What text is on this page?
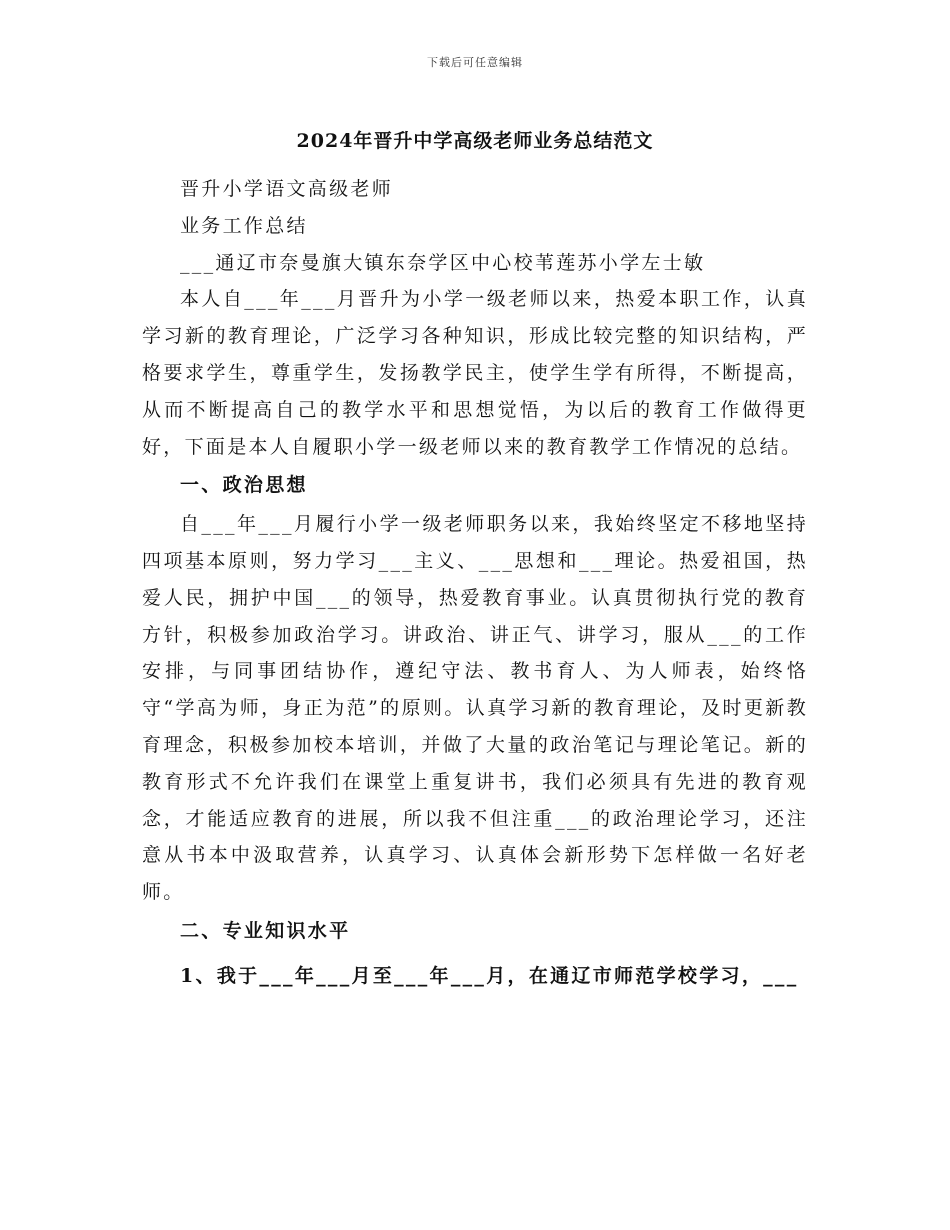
下载后可任意编辑
2024年晋升中学高级老师业务总结范文

晋升小学语文高级老师

业务工作总结

___通辽市奈曼旗大镇东奈学区中心校苇莲苏小学左士敏

本人自___年___月晋升为小学一级老师以来，热爱本职工作，认真学习新的教育理论，广泛学习各种知识，形成比较完整的知识结构，严格要求学生，尊重学生，发扬教学民主，使学生学有所得，不断提高，从而不断提高自己的教学水平和思想觉悟，为以后的教育工作做得更好，下面是本人自履职小学一级老师以来的教育教学工作情况的总结。

一、政治思想

自___年___月履行小学一级老师职务以来，我始终坚定不移地坚持四项基本原则，努力学习___主义、___思想和___理论。热爱祖国，热爱人民，拥护中国___的领导，热爱教育事业。认真贯彻执行党的教育方针，积极参加政治学习。讲政治、讲正气、讲学习，服从___的工作安排，与同事团结协作，遵纪守法、教书育人、为人师表，始终恪守“学高为师，身正为范”的原则。认真学习新的教育理论，及时更新教育理念，积极参加校本培训，并做了大量的政治笔记与理论笔记。新的教育形式不允许我们在课堂上重复讲书，我们必须具有先进的教育观念，才能适应教育的进展，所以我不但注重___的政治理论学习，还注意从书本中汲取营养，认真学习、认真体会新形势下怎样做一名好老师。

二、专业知识水平

1、我于___年___月至___年___月，在通辽市师范学校学习，___
